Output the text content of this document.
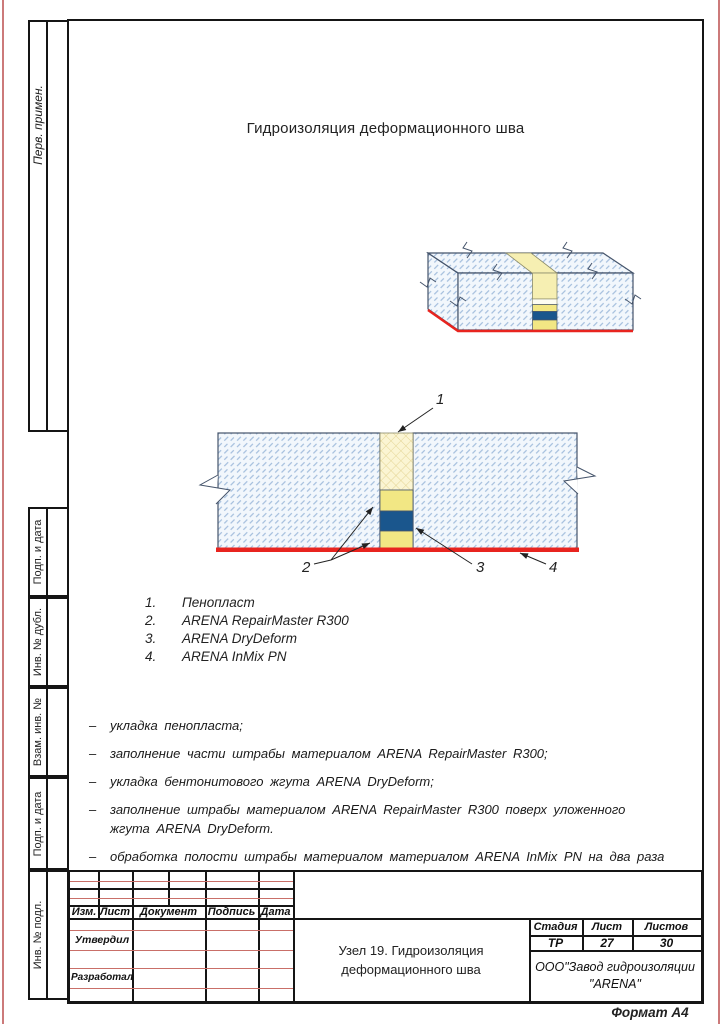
Перв. примен.
Подп. и дата
Инв. № дубл.
Взам. инв. №
Подп. и дата
Инв. № подл.
Гидроизоляция деформационного шва
1
2	3	4
1.	Пенопласт
2.	ARENA RepairMaster R300
3.	ARENA DryDeform
4.	ARENA InMix PN
–	укладка пенопласта;
–	заполнение части штрабы материалом ARENA RepairMaster R300;
–	укладка бентонитового жгута ARENA DryDeform;
–	заполнение штрабы материалом ARENA RepairMaster R300 поверх уложенного жгута ARENA DryDeform.
–	обработка полости штрабы материалом материалом ARENA InMix PN на два раза
Изм. Лист Документ Подпись Дата
Утвердил
Разработал
Узел 19. Гидроизоляция деформационного шва
Стадия	Лист	Листов
ТР	27	30
ООО"Завод гидроизоляции "ARENA"
Формат А4
